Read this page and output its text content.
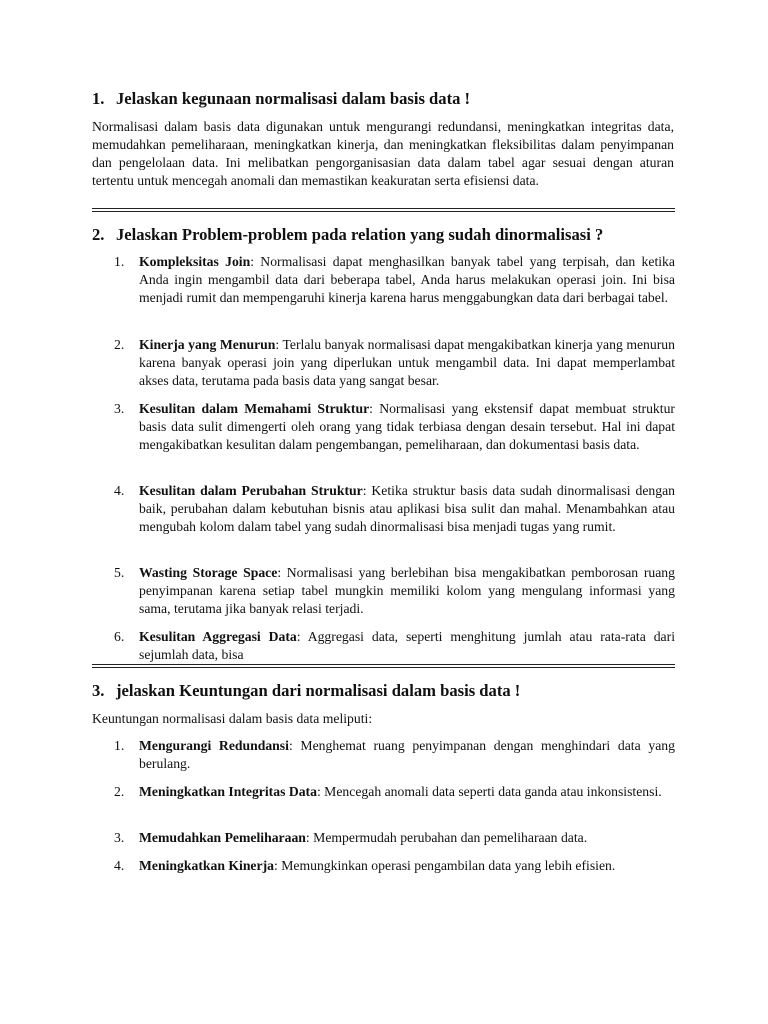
1. Jelaskan kegunaan normalisasi dalam basis data !

Normalisasi dalam basis data digunakan untuk mengurangi redundansi, meningkatkan integritas data, memudahkan pemeliharaan, meningkatkan kinerja, dan meningkatkan fleksibilitas dalam penyimpanan dan pengelolaan data. Ini melibatkan pengorganisasian data dalam tabel agar sesuai dengan aturan tertentu untuk mencegah anomali dan memastikan keakuratan serta efisiensi data.

2. Jelaskan Problem-problem pada relation yang sudah dinormalisasi ?
1. Kompleksitas Join: Normalisasi dapat menghasilkan banyak tabel yang terpisah, dan ketika Anda ingin mengambil data dari beberapa tabel, Anda harus melakukan operasi join. Ini bisa menjadi rumit dan mempengaruhi kinerja karena harus menggabungkan data dari berbagai tabel.
2. Kinerja yang Menurun: Terlalu banyak normalisasi dapat mengakibatkan kinerja yang menurun karena banyak operasi join yang diperlukan untuk mengambil data. Ini dapat memperlambat akses data, terutama pada basis data yang sangat besar.
3. Kesulitan dalam Memahami Struktur: Normalisasi yang ekstensif dapat membuat struktur basis data sulit dimengerti oleh orang yang tidak terbiasa dengan desain tersebut. Hal ini dapat mengakibatkan kesulitan dalam pengembangan, pemeliharaan, dan dokumentasi basis data.
4. Kesulitan dalam Perubahan Struktur: Ketika struktur basis data sudah dinormalisasi dengan baik, perubahan dalam kebutuhan bisnis atau aplikasi bisa sulit dan mahal. Menambahkan atau mengubah kolom dalam tabel yang sudah dinormalisasi bisa menjadi tugas yang rumit.
5. Wasting Storage Space: Normalisasi yang berlebihan bisa mengakibatkan pemborosan ruang penyimpanan karena setiap tabel mungkin memiliki kolom yang mengulang informasi yang sama, terutama jika banyak relasi terjadi.
6. Kesulitan Aggregasi Data: Aggregasi data, seperti menghitung jumlah atau rata-rata dari sejumlah data, bisa
3. jelaskan Keuntungan dari normalisasi dalam basis data !

Keuntungan normalisasi dalam basis data meliputi:

1. Mengurangi Redundansi: Menghemat ruang penyimpanan dengan menghindari data yang berulang.
2. Meningkatkan Integritas Data: Mencegah anomali data seperti data ganda atau inkonsistensi.
3. Memudahkan Pemeliharaan: Mempermudah perubahan dan pemeliharaan data.
4. Meningkatkan Kinerja: Memungkinkan operasi pengambilan data yang lebih efisien.
